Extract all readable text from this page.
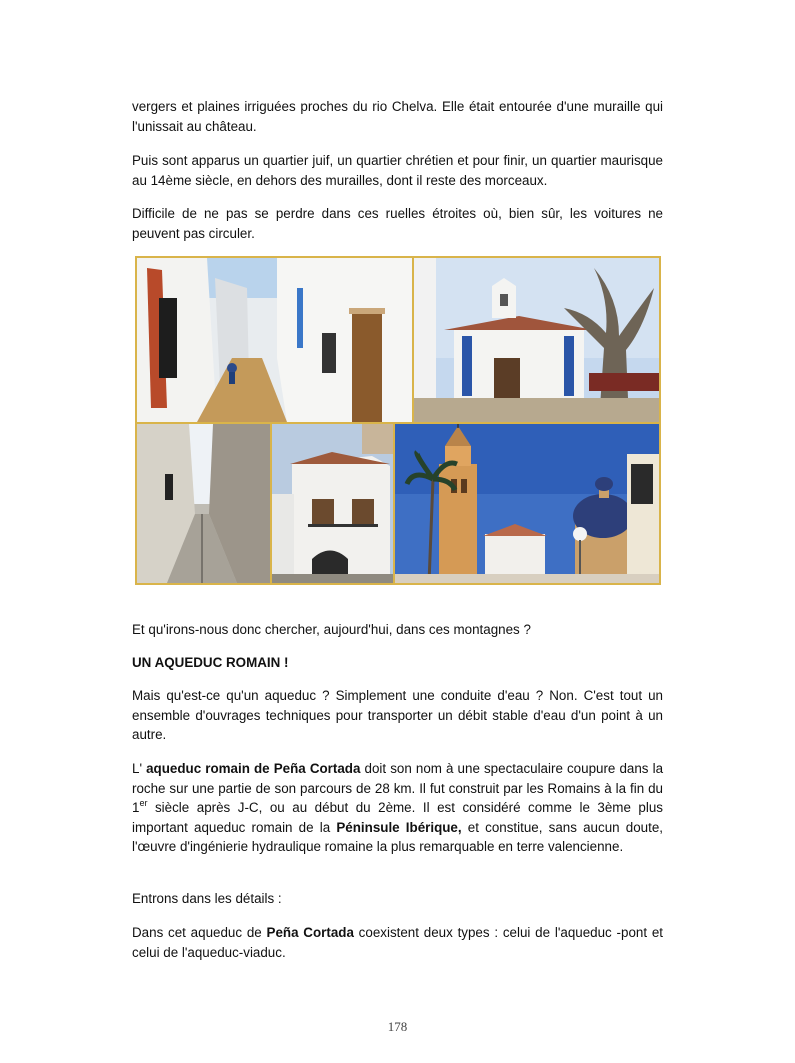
vergers et plaines irriguées proches du rio Chelva. Elle était entourée d'une muraille qui l'unissait au château.

Puis sont apparus un quartier juif, un quartier chrétien et pour finir, un quartier maurisque au 14ème siècle, en dehors des murailles, dont il reste des morceaux.

Difficile de ne pas se perdre dans ces ruelles étroites où, bien sûr, les voitures ne peuvent pas circuler.

Et qu'irons-nous donc chercher, aujourd'hui, dans ces montagnes ?

UN AQUEDUC ROMAIN !

Mais qu'est-ce qu'un aqueduc ? Simplement une conduite d'eau ? Non. C'est tout un ensemble d'ouvrages techniques pour transporter un débit stable d'eau d'un point à un autre.

L' aqueduc romain de Peña Cortada doit son nom à une spectaculaire coupure dans la roche sur une partie de son parcours de 28 km. Il fut construit par les Romains à la fin du 1er siècle après J-C, ou au début du 2ème. Il est considéré comme le 3ème plus important aqueduc romain de la Péninsule Ibérique, et constitue, sans aucun doute, l'œuvre d'ingénierie hydraulique romaine la plus remarquable en terre valencienne.

Entrons dans les détails :

Dans cet aqueduc de Peña Cortada coexistent deux types : celui de l'aqueduc -pont et celui de l'aqueduc-viaduc.

178
